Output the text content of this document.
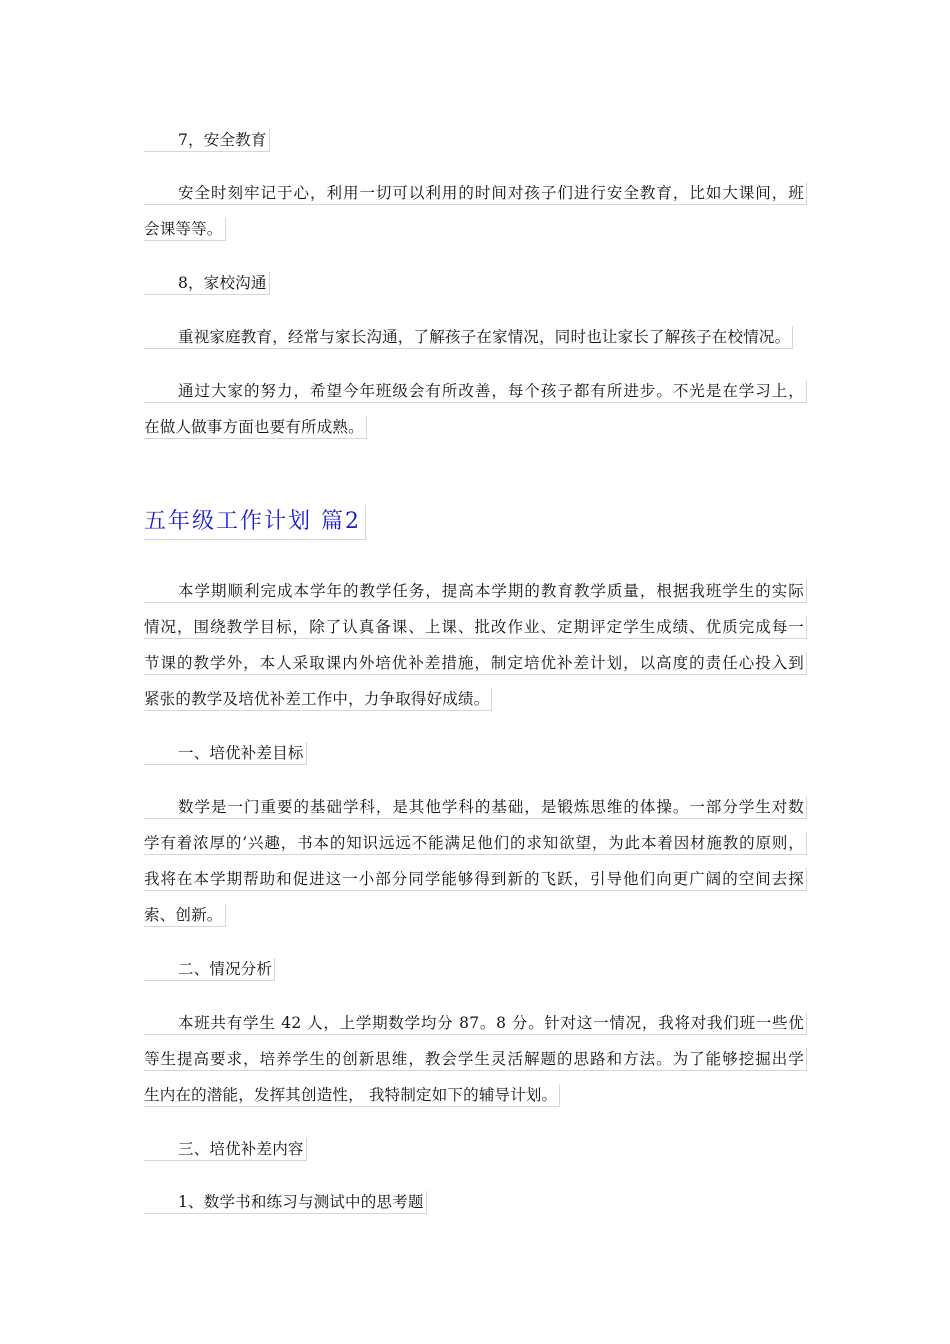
7，安全教育
安全时刻牢记于心，利用一切可以利用的时间对孩子们进行安全教育，比如大课间，班
会课等等。
8，家校沟通
重视家庭教育，经常与家长沟通，了解孩子在家情况，同时也让家长了解孩子在校情况。
通过大家的努力，希望今年班级会有所改善，每个孩子都有所进步。不光是在学习上，
在做人做事方面也要有所成熟。
五年级工作计划 篇2
本学期顺利完成本学年的教学任务，提高本学期的教育教学质量，根据我班学生的实际
情况，围绕教学目标，除了认真备课、上课、批改作业、定期评定学生成绩、优质完成每一
节课的教学外，本人采取课内外培优补差措施，制定培优补差计划，以高度的责任心投入到
紧张的教学及培优补差工作中，力争取得好成绩。
一、培优补差目标
数学是一门重要的基础学科，是其他学科的基础，是锻炼思维的体操。一部分学生对数
学有着浓厚的’兴趣，书本的知识远远不能满足他们的求知欲望，为此本着因材施教的原则，
我将在本学期帮助和促进这一小部分同学能够得到新的飞跃，引导他们向更广阔的空间去探
索、创新。
二、情况分析
本班共有学生 42 人，上学期数学均分 87。8 分。针对这一情况，我将对我们班一些优
等生提高要求，培养学生的创新思维，教会学生灵活解题的思路和方法。为了能够挖掘出学
生内在的潜能，发挥其创造性， 我特制定如下的辅导计划。
三、培优补差内容
1、数学书和练习与测试中的思考题
